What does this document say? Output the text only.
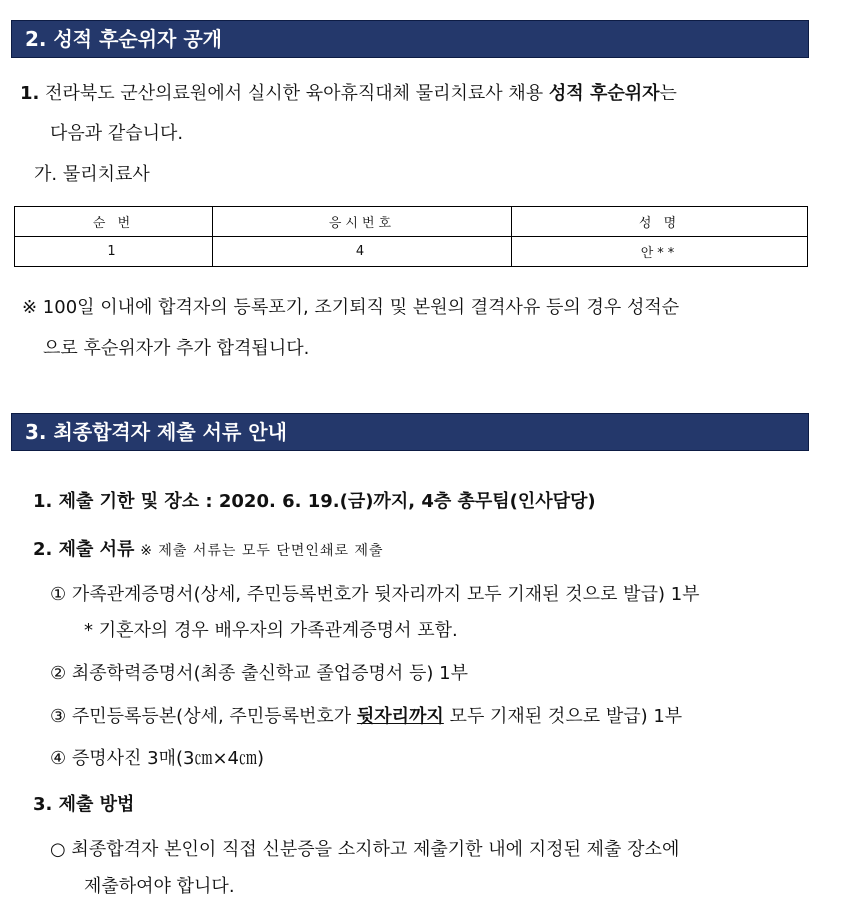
2. 성적 후순위자 공개
1. 전라북도 군산의료원에서 실시한 육아휴직대체 물리치료사 채용 성적 후순위자는
다음과 같습니다.
가. 물리치료사
순 번	응시번호	성 명
1	4	안**
※ 100일 이내에 합격자의 등록포기, 조기퇴직 및 본원의 결격사유 등의 경우 성적순
으로 후순위자가 추가 합격됩니다.
3. 최종합격자 제출 서류 안내
1. 제출 기한 및 장소 : 2020. 6. 19.(금)까지, 4층 총무팀(인사담당)
2. 제출 서류 ※ 제출 서류는 모두 단면인쇄로 제출
① 가족관계증명서(상세, 주민등록번호가 뒷자리까지 모두 기재된 것으로 발급) 1부
* 기혼자의 경우 배우자의 가족관계증명서 포함.
② 최종학력증명서(최종 출신학교 졸업증명서 등) 1부
③ 주민등록등본(상세, 주민등록번호가 뒷자리까지 모두 기재된 것으로 발급) 1부
④ 증명사진 3매(3㎝×4㎝)
3. 제출 방법
○ 최종합격자 본인이 직접 신분증을 소지하고 제출기한 내에 지정된 제출 장소에
제출하여야 합니다.
